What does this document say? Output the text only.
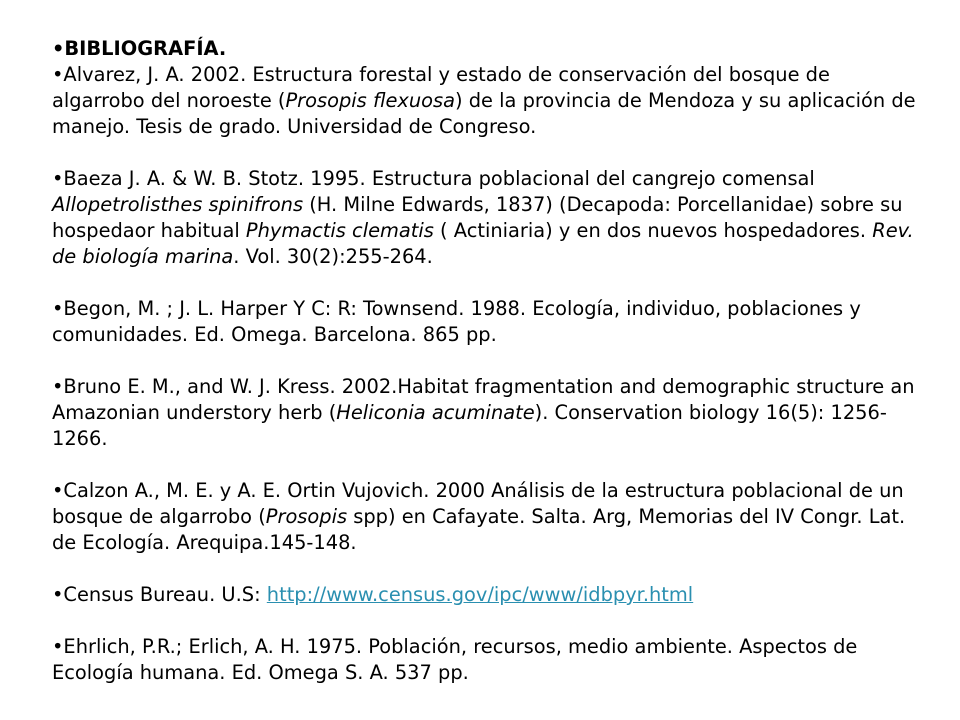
•BIBLIOGRAFÍA.

•Alvarez, J. A. 2002. Estructura forestal y estado de conservación del bosque de algarrobo del noroeste (Prosopis flexuosa) de la provincia de Mendoza y su aplicación de manejo. Tesis de grado. Universidad de Congreso.

•Baeza J. A. & W. B. Stotz. 1995. Estructura poblacional del cangrejo comensal Allopetrolisthes spinifrons (H. Milne Edwards, 1837) (Decapoda: Porcellanidae) sobre su hospedaor habitual Phymactis clematis ( Actiniaria) y en dos nuevos hospedadores. Rev. de biología marina. Vol. 30(2):255-264.

•Begon, M. ; J. L. Harper Y C: R: Townsend. 1988. Ecología, individuo, poblaciones y comunidades. Ed. Omega. Barcelona. 865 pp.

•Bruno E. M., and W. J. Kress. 2002.Habitat fragmentation and demographic structure an Amazonian understory herb (Heliconia acuminate). Conservation biology 16(5): 1256-1266.

•Calzon A., M. E. y A. E. Ortin Vujovich. 2000 Análisis de la estructura poblacional de un bosque de algarrobo (Prosopis spp) en Cafayate. Salta. Arg, Memorias del IV Congr. Lat. de Ecología. Arequipa.145-148.

•Census Bureau. U.S: http://www.census.gov/ipc/www/idbpyr.html

•Ehrlich, P.R.; Erlich, A. H. 1975. Población, recursos, medio ambiente. Aspectos de Ecología humana. Ed. Omega S. A. 537 pp.
